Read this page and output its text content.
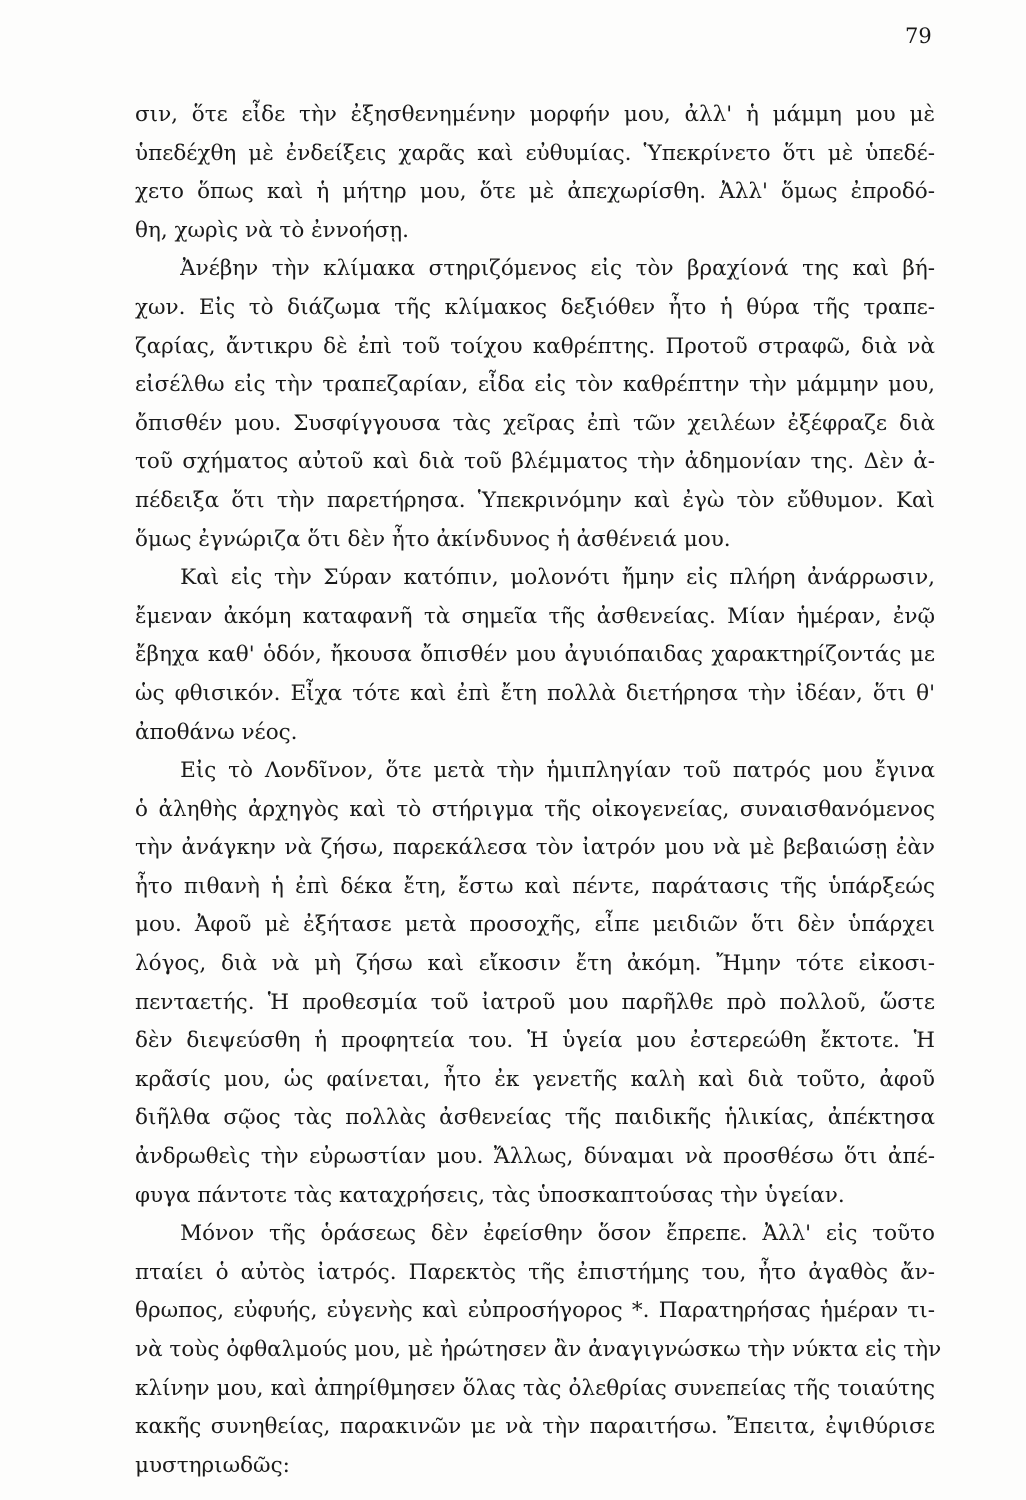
79
σιν, ὅτε εἶδε τὴν ἐξησθενημένην μορφήν μου, ἀλλ' ἡ μάμμη μου μὲ
ὑπεδέχθη μὲ ἐνδείξεις χαρᾶς καὶ εὐθυμίας. Ὑπεκρίνετο ὅτι μὲ ὑπεδέ-
χετο ὅπως καὶ ἡ μήτηρ μου, ὅτε μὲ ἀπεχωρίσθη. Ἀλλ' ὅμως ἐπροδό-
θη, χωρὶς νὰ τὸ ἐννοήσῃ.
Ἀνέβην τὴν κλίμακα στηριζόμενος εἰς τὸν βραχίονά της καὶ βή-
χων. Εἰς τὸ διάζωμα τῆς κλίμακος δεξιόθεν ἦτο ἡ θύρα τῆς τραπε-
ζαρίας, ἄντικρυ δὲ ἐπὶ τοῦ τοίχου καθρέπτης. Προτοῦ στραφῶ, διὰ νὰ
εἰσέλθω εἰς τὴν τραπεζαρίαν, εἶδα εἰς τὸν καθρέπτην τὴν μάμμην μου,
ὄπισθέν μου. Συσφίγγουσα τὰς χεῖρας ἐπὶ τῶν χειλέων ἐξέφραζε διὰ
τοῦ σχήματος αὐτοῦ καὶ διὰ τοῦ βλέμματος τὴν ἀδημονίαν της. Δὲν ἀ-
πέδειξα ὅτι τὴν παρετήρησα. Ὑπεκρινόμην καὶ ἐγὼ τὸν εὔθυμον. Καὶ
ὅμως ἐγνώριζα ὅτι δὲν ἦτο ἀκίνδυνος ἡ ἀσθένειά μου.
Καὶ εἰς τὴν Σύραν κατόπιν, μολονότι ἤμην εἰς πλήρη ἀνάρρωσιν,
ἔμεναν ἀκόμη καταφανῆ τὰ σημεῖα τῆς ἀσθενείας. Μίαν ἡμέραν, ἐνῷ
ἔβηχα καθ' ὁδόν, ἤκουσα ὄπισθέν μου ἀγυιόπαιδας χαρακτηρίζοντάς με
ὡς φθισικόν. Εἶχα τότε καὶ ἐπὶ ἔτη πολλὰ διετήρησα τὴν ἰδέαν, ὅτι θ'
ἀποθάνω νέος.
Εἰς τὸ Λονδῖνον, ὅτε μετὰ τὴν ἡμιπληγίαν τοῦ πατρός μου ἔγινα
ὁ ἀληθὴς ἀρχηγὸς καὶ τὸ στήριγμα τῆς οἰκογενείας, συναισθανόμενος
τὴν ἀνάγκην νὰ ζήσω, παρεκάλεσα τὸν ἰατρόν μου νὰ μὲ βεβαιώσῃ ἐὰν
ἦτο πιθανὴ ἡ ἐπὶ δέκα ἔτη, ἔστω καὶ πέντε, παράτασις τῆς ὑπάρξεώς
μου. Ἀφοῦ μὲ ἐξήτασε μετὰ προσοχῆς, εἶπε μειδιῶν ὅτι δὲν ὑπάρχει
λόγος, διὰ νὰ μὴ ζήσω καὶ εἴκοσιν ἔτη ἀκόμη. Ἤμην τότε εἰκοσι-
πενταετής. Ἡ προθεσμία τοῦ ἰατροῦ μου παρῆλθε πρὸ πολλοῦ, ὥστε
δὲν διεψεύσθη ἡ προφητεία του. Ἡ ὑγεία μου ἐστερεώθη ἔκτοτε. Ἡ
κρᾶσίς μου, ὡς φαίνεται, ἦτο ἐκ γενετῆς καλὴ καὶ διὰ τοῦτο, ἀφοῦ
διῆλθα σῷος τὰς πολλὰς ἀσθενείας τῆς παιδικῆς ἡλικίας, ἀπέκτησα
ἀνδρωθεὶς τὴν εὐρωστίαν μου. Ἄλλως, δύναμαι νὰ προσθέσω ὅτι ἀπέ-
φυγα πάντοτε τὰς καταχρήσεις, τὰς ὑποσκαπτούσας τὴν ὑγείαν.
Μόνον τῆς ὁράσεως δὲν ἐφείσθην ὅσον ἔπρεπε. Ἀλλ' εἰς τοῦτο
πταίει ὁ αὐτὸς ἰατρός. Παρεκτὸς τῆς ἐπιστήμης του, ἦτο ἀγαθὸς ἄν-
θρωπος, εὐφυής, εὐγενὴς καὶ εὐπροσήγορος *. Παρατηρήσας ἡμέραν τι-
νὰ τοὺς ὀφθαλμούς μου, μὲ ἠρώτησεν ἂν ἀναγιγνώσκω τὴν νύκτα εἰς τὴν
κλίνην μου, καὶ ἀπηρίθμησεν ὅλας τὰς ὀλεθρίας συνεπείας τῆς τοιαύτης
κακῆς συνηθείας, παρακινῶν με νὰ τὴν παραιτήσω. Ἔπειτα, ἐψιθύρισε
μυστηριωδῶς:
